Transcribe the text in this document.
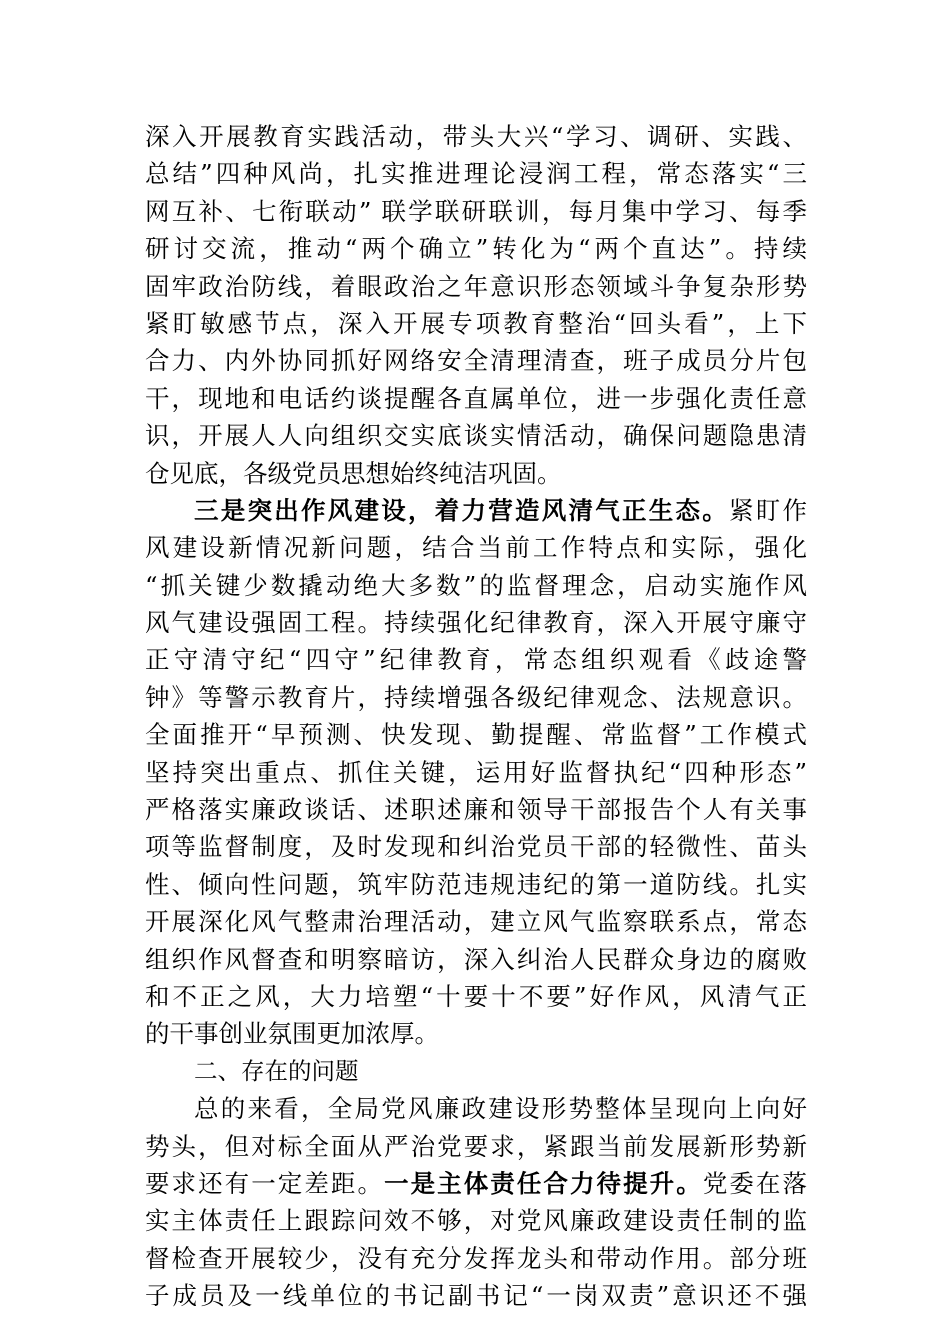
深入开展教育实践活动，带头大兴“学习、调研、实践、
总结”四种风尚，扎实推进理论浸润工程，常态落实“三
网互补、七衔联动” 联学联研联训，每月集中学习、每季
研讨交流，推动“两个确立”转化为“两个直达”。持续
固牢政治防线，着眼政治之年意识形态领域斗争复杂形势
紧盯敏感节点，深入开展专项教育整治“回头看”，上下
合力、内外协同抓好网络安全清理清查，班子成员分片包
干，现地和电话约谈提醒各直属单位，进一步强化责任意
识，开展人人向组织交实底谈实情活动，确保问题隐患清
仓见底，各级党员思想始终纯洁巩固。
三是突出作风建设，着力营造风清气正生态。紧盯作
风建设新情况新问题，结合当前工作特点和实际，强化
“抓关键少数撬动绝大多数”的监督理念，启动实施作风
风气建设强固工程。持续强化纪律教育，深入开展守廉守
正守清守纪“四守”纪律教育，常态组织观看《歧途警
钟》等警示教育片，持续增强各级纪律观念、法规意识。
全面推开“早预测、快发现、勤提醒、常监督”工作模式
坚持突出重点、抓住关键，运用好监督执纪“四种形态”
严格落实廉政谈话、述职述廉和领导干部报告个人有关事
项等监督制度，及时发现和纠治党员干部的轻微性、苗头
性、倾向性问题，筑牢防范违规违纪的第一道防线。扎实
开展深化风气整肃治理活动，建立风气监察联系点，常态
组织作风督查和明察暗访，深入纠治人民群众身边的腐败
和不正之风，大力培塑“十要十不要”好作风，风清气正
的干事创业氛围更加浓厚。
二、存在的问题
总的来看，全局党风廉政建设形势整体呈现向上向好
势头，但对标全面从严治党要求，紧跟当前发展新形势新
要求还有一定差距。一是主体责任合力待提升。党委在落
实主体责任上跟踪问效不够，对党风廉政建设责任制的监
督检查开展较少，没有充分发挥龙头和带动作用。部分班
子成员及一线单位的书记副书记“一岗双责”意识还不强
